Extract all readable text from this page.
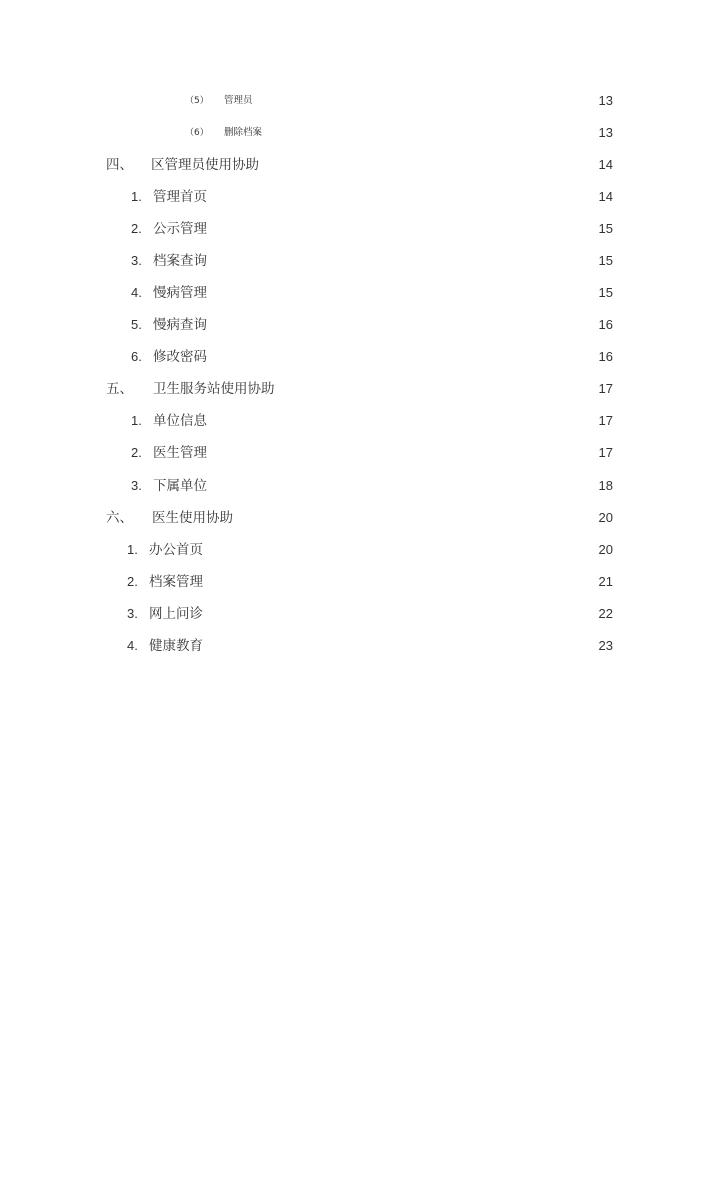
（5） 管理员	13
（6） 删除档案	13
四、 区管理员使用协助	14
1. 管理首页	14
2. 公示管理	15
3. 档案查询	15
4. 慢病管理	15
5. 慢病查询	16
6. 修改密码	16
五、 卫生服务站使用协助	17
1. 单位信息	17
2. 医生管理	17
3. 下属单位	18
六、 医生使用协助	20
1. 办公首页	20
2. 档案管理	21
3. 网上问诊	22
4. 健康教育	23
